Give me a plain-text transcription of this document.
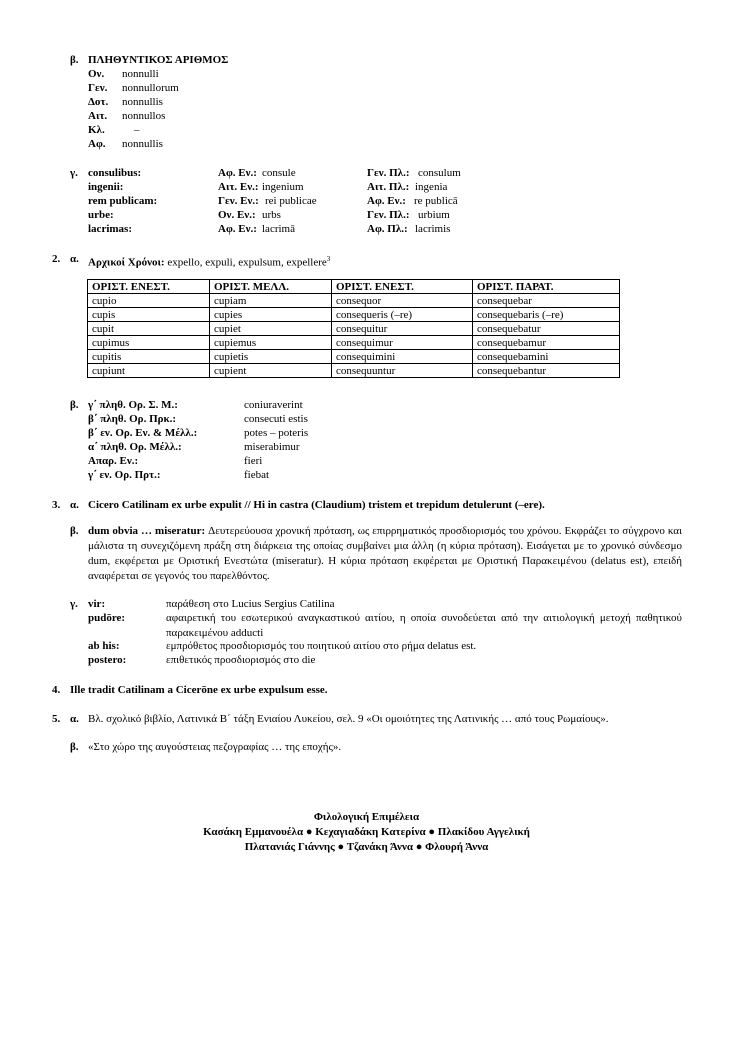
β. ΠΛΗΘΥΝΤΙΚΟΣ ΑΡΙΘΜΟΣ
Ον. nonnulli
Γεν. nonnullorum
Δοτ. nonnullis
Αιτ. nonnullos
Κλ.	–
Αφ. nonnullis
γ. consulibus:	Αφ. Εν.: consule	Γεν. Πλ.: consulum
ingenii:	Αιτ. Εν.: ingenium	Αιτ. Πλ.: ingenia
rem publicam:	Γεν. Εν.: rei publicae	Αφ. Εν.: re publicā
urbe:	Ον. Εν.: urbs	Γεν. Πλ.: urbium
lacrimas:	Αφ. Εν.: lacrimā	Αφ. Πλ.: lacrimis
2. α. Αρχικοί Χρόνοι: expello, expuli, expulsum, expellere$^3$
ΟΡΙΣΤ. ΕΝΕΣΤ.	ΟΡΙΣΤ. ΜΕΛΛ.	ΟΡΙΣΤ. ΕΝΕΣΤ.	ΟΡΙΣΤ. ΠΑΡΑΤ.
cupio	cupiam	consequor	consequebar
cupis	cupies	consequeris (–re)	consequebaris (–re)
cupit	cupiet	consequitur	consequebatur
cupimus	cupiemus	consequimur	consequebamur
cupitis	cupietis	consequimini	consequebamini
cupiunt	cupient	consequuntur	consequebantur
β. γ΄ πληθ. Ορ. Σ. Μ.:	coniuraverint
β΄ πληθ. Ορ. Πρκ.:	consecuti estis
β΄ εν. Ορ. Εν. & Μέλλ.:	potes – poteris
α΄ πληθ. Ορ. Μέλλ.:	miserabimur
Απαρ. Εν.:	fieri
γ΄ εν. Ορ. Πρτ.:	fiebat
3. α. Cicero Catilinam ex urbe expulit // Hi in castra (Claudium) tristem et trepidum detulerunt (–ere).
β. dum obvia … miseratur: Δευτερεύουσα χρονική πρόταση, ως επιρρηματικός προσδιορισμός του χρόνου. Εκφράζει το σύγχρονο και μάλιστα τη συνεχιζόμενη πράξη στη διάρκεια της οποίας συμβαίνει μια άλλη (η κύρια πρόταση). Εισάγεται με το χρονικό σύνδεσμο dum, εκφέρεται με Οριστική Ενεστώτα (miseratur). Η κύρια πρόταση εκφέρεται με Οριστική Παρακειμένου (delatus est), επειδή αναφέρεται σε γεγονός του παρελθόντος.
γ. vir:	παράθεση στο Lucius Sergius Catilina
pudōre:	αφαιρετική του εσωτερικού αναγκαστικού αιτίου, η οποία συνοδεύεται από την αιτιολογική μετοχή παθητικού παρακειμένου adducti
ab his:	εμπρόθετος προσδιορισμός του ποιητικού αιτίου στο ρήμα delatus est.
postero:	επιθετικός προσδιορισμός στο die
4. Ille tradit Catilinam a Cicerōne ex urbe expulsum esse.
5. α. Βλ. σχολικό βιβλίο, Λατινικά Β΄ τάξη Ενιαίου Λυκείου, σελ. 9 «Οι ομοιότητες της Λατινικής … από τους Ρωμαίους».
β. «Στο χώρο της αυγούστειας πεζογραφίας … της εποχής».
Φιλολογική Επιμέλεια
Κασάκη Εμμανουέλα ● Κεχαγιαδάκη Κατερίνα ● Πλακίδου Αγγελική
Πλατανιάς Γιάννης ● Τζανάκη Άννα ● Φλουρή Άννα
